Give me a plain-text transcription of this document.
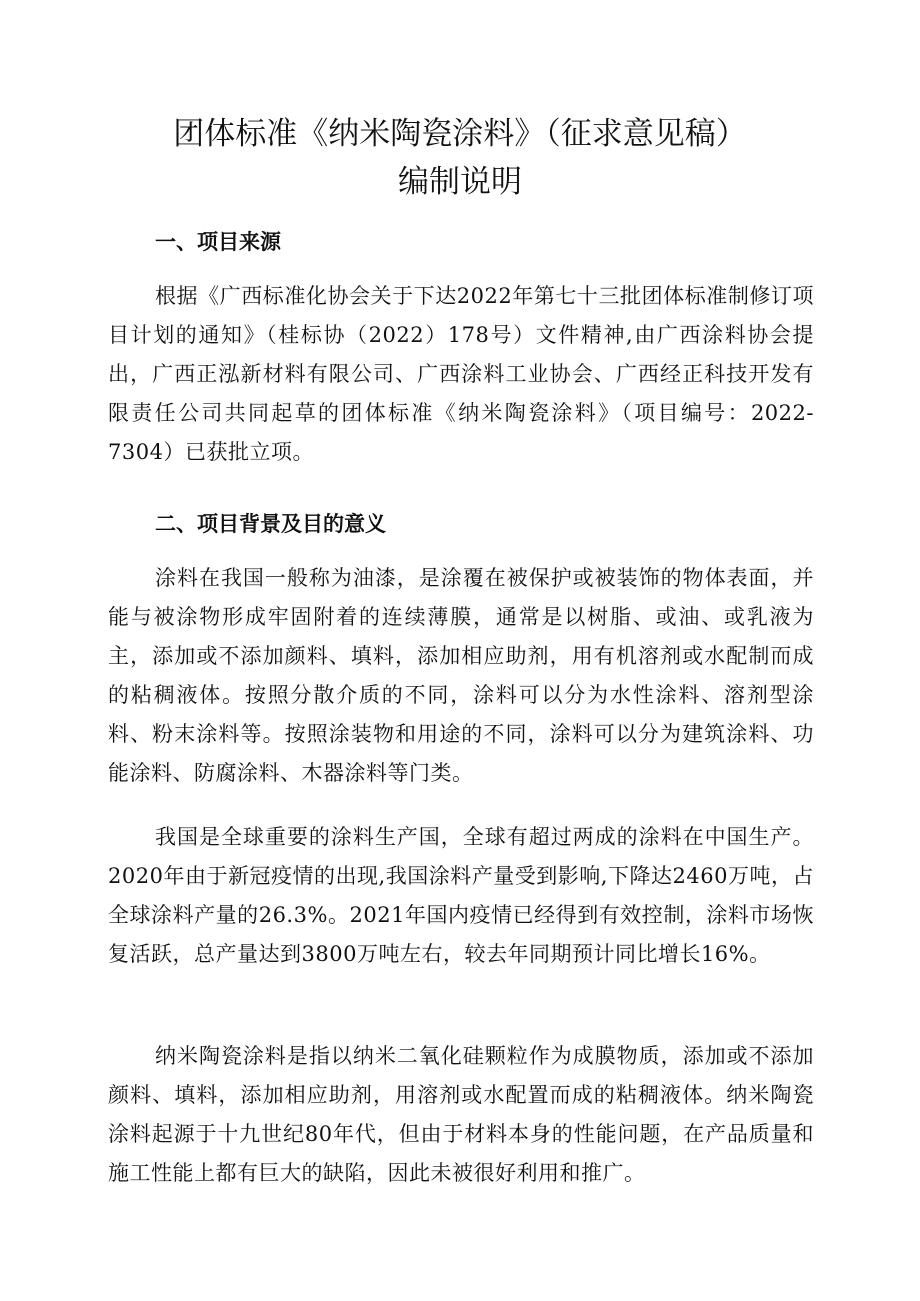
团体标准《纳米陶瓷涂料》（征求意见稿）
编制说明
一、项目来源
根据《广西标准化协会关于下达2022年第七十三批团体标准制修订项目计划的通知》（桂标协（2022）178号）文件精神,由广西涂料协会提出，广西正泓新材料有限公司、广西涂料工业协会、广西经正科技开发有限责任公司共同起草的团体标准《纳米陶瓷涂料》（项目编号：2022-7304）已获批立项。
二、项目背景及目的意义
涂料在我国一般称为油漆，是涂覆在被保护或被装饰的物体表面，并能与被涂物形成牢固附着的连续薄膜，通常是以树脂、或油、或乳液为主，添加或不添加颜料、填料，添加相应助剂，用有机溶剂或水配制而成的粘稠液体。按照分散介质的不同，涂料可以分为水性涂料、溶剂型涂料、粉末涂料等。按照涂装物和用途的不同，涂料可以分为建筑涂料、功能涂料、防腐涂料、木器涂料等门类。
我国是全球重要的涂料生产国，全球有超过两成的涂料在中国生产。2020年由于新冠疫情的出现,我国涂料产量受到影响,下降达2460万吨，占全球涂料产量的26.3%。2021年国内疫情已经得到有效控制，涂料市场恢复活跃，总产量达到3800万吨左右，较去年同期预计同比增长16%。
纳米陶瓷涂料是指以纳米二氧化硅颗粒作为成膜物质，添加或不添加颜料、填料，添加相应助剂，用溶剂或水配置而成的粘稠液体。纳米陶瓷涂料起源于十九世纪80年代，但由于材料本身的性能问题，在产品质量和施工性能上都有巨大的缺陷，因此未被很好利用和推广。
